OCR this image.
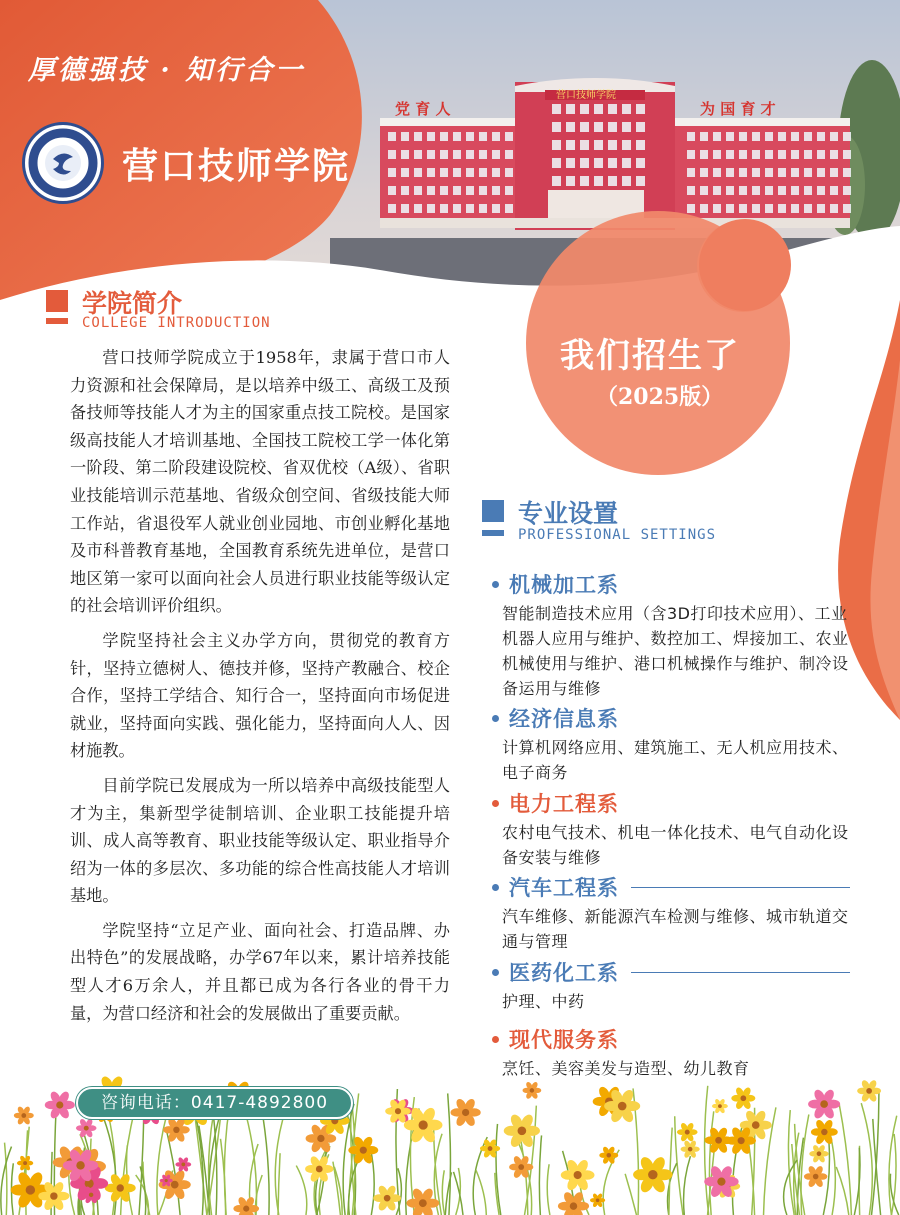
营口技师学院
党 育 人	为 国 育 才
厚德强技 · 知行合一
营口技师学院
我们招生了
（2025版）
学院简介
COLLEGE INTRODUCTION

营口技师学院成立于1958年，隶属于营口市人力资源和社会保障局，是以培养中级工、高级工及预备技师等技能人才为主的国家重点技工院校。是国家级高技能人才培训基地、全国技工院校工学一体化第一阶段、第二阶段建设院校、省双优校（A级）、省职业技能培训示范基地、省级众创空间、省级技能大师工作站，省退役军人就业创业园地、市创业孵化基地及市科普教育基地，全国教育系统先进单位，是营口地区第一家可以面向社会人员进行职业技能等级认定的社会培训评价组织。

学院坚持社会主义办学方向，贯彻党的教育方针，坚持立德树人、德技并修，坚持产教融合、校企合作，坚持工学结合、知行合一，坚持面向市场促进就业，坚持面向实践、强化能力，坚持面向人人、因材施教。

目前学院已发展成为一所以培养中高级技能型人才为主，集新型学徒制培训、企业职工技能提升培训、成人高等教育、职业技能等级认定、职业指导介绍为一体的多层次、多功能的综合性高技能人才培训基地。

学院坚持“立足产业、面向社会、打造品牌、办出特色”的发展战略，办学67年以来，累计培养技能型人才6万余人，并且都已成为各行各业的骨干力量，为营口经济和社会的发展做出了重要贡献。

专业设置
PROFESSIONAL SETTINGS
机械加工系
智能制造技术应用（含3D打印技术应用）、工业机器人应用与维护、数控加工、焊接加工、农业机械使用与维护、港口机械操作与维护、制冷设备运用与维修
经济信息系
计算机网络应用、建筑施工、无人机应用技术、电子商务
电力工程系
农村电气技术、机电一体化技术、电气自动化设备安装与维修
汽车工程系
汽车维修、新能源汽车检测与维修、城市轨道交通与管理
医药化工系
护理、中药
现代服务系
烹饪、美容美发与造型、幼儿教育
咨询电话：0417-4892800
